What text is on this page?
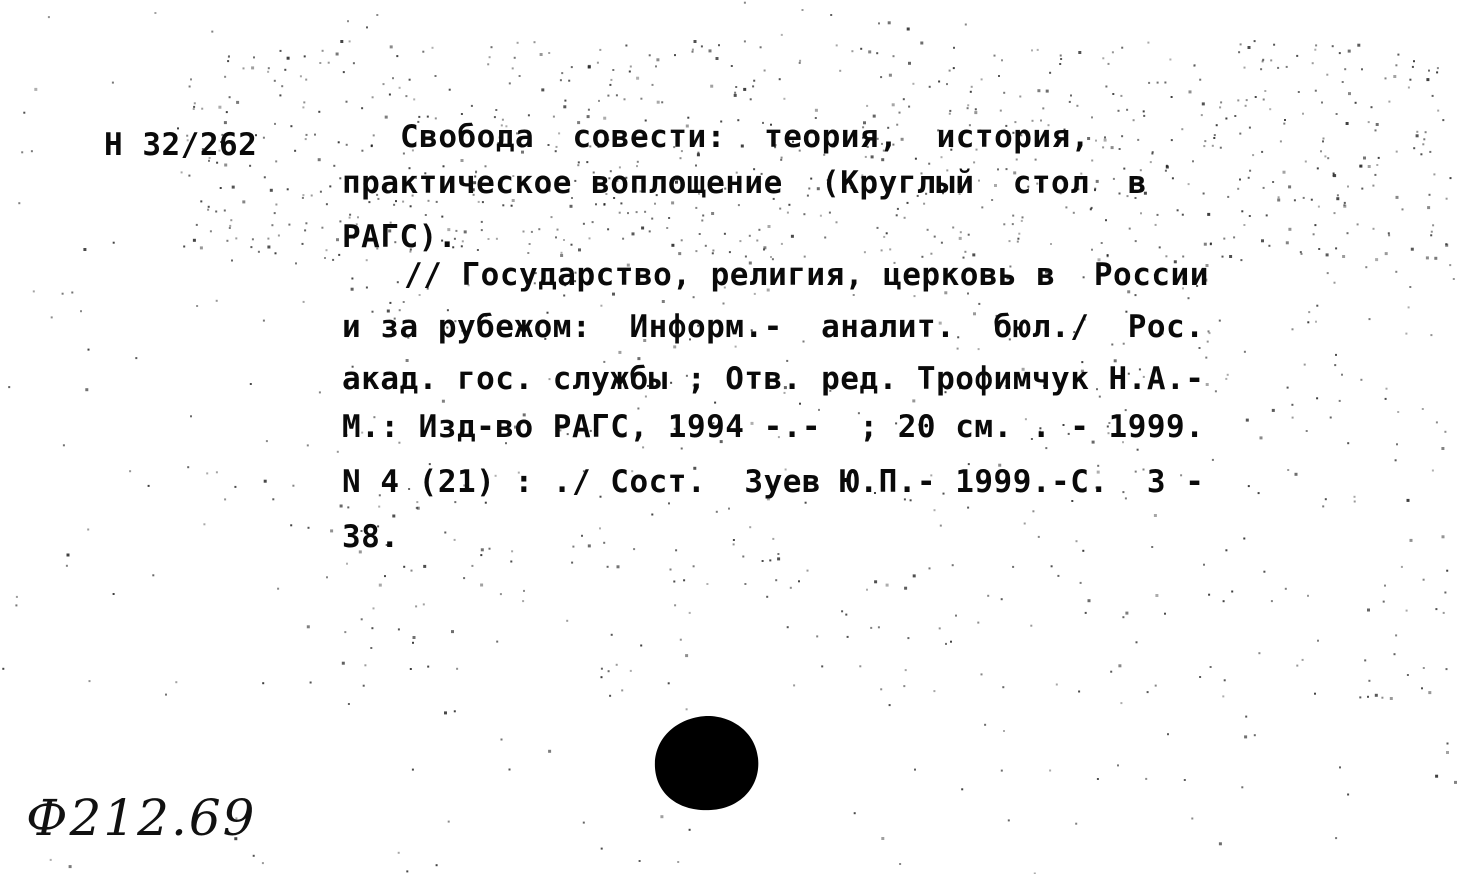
Н 32/262	Свобода  совести:  теория,  история,
практическое воплощение  (Круглый  стол  в
РАГС).
// Государство, религия, церковь в  России
и за рубежом:  Информ.-  аналит.  бюл./  Рос.
акад. гос. службы ; Отв. ред. Трофимчук Н.А.-
М.: Изд-во РАГС, 1994 -.-  ; 20 см. . - 1999.
N 4 (21) : ./ Сост.  Зуев Ю.П.- 1999.-С.  3 -
38.
Ф212.69
